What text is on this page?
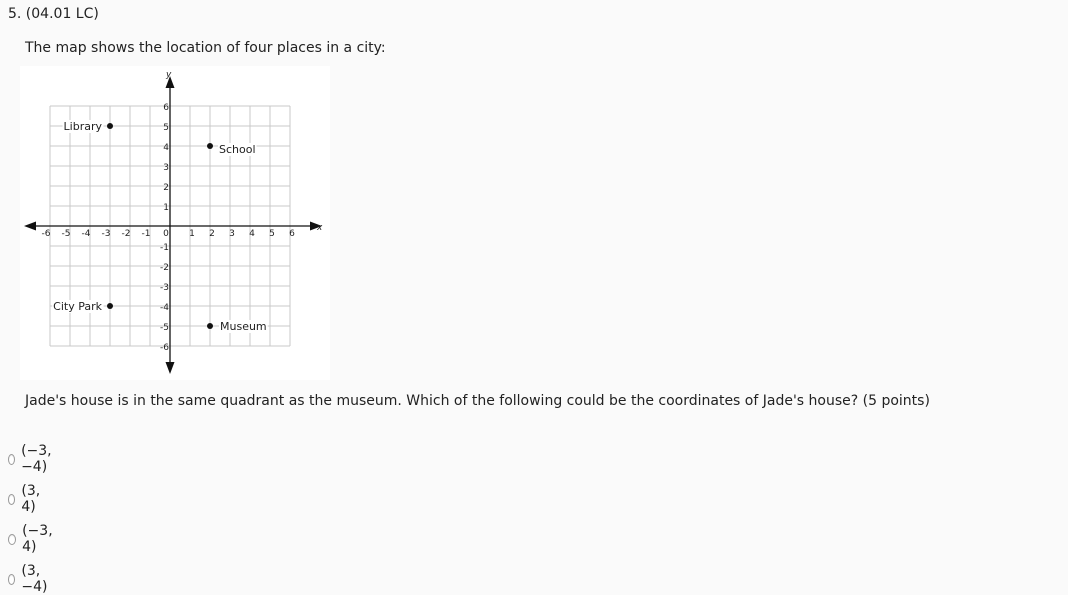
5. (04.01 LC)
The map shows the location of four places in a city:
x
y
-6 -5 -4 -3 -2 -1 0 1 2 3 4 5 6
6
5
4
3
2
1
-1
-2
-3
-4
-5
-6
Library
School
City Park
Museum
Jade's house is in the same quadrant as the museum. Which of the following could be the coordinates of Jade's house? (5 points)
(−3, −4)
(3, 4)
(−3, 4)
(3, −4)
